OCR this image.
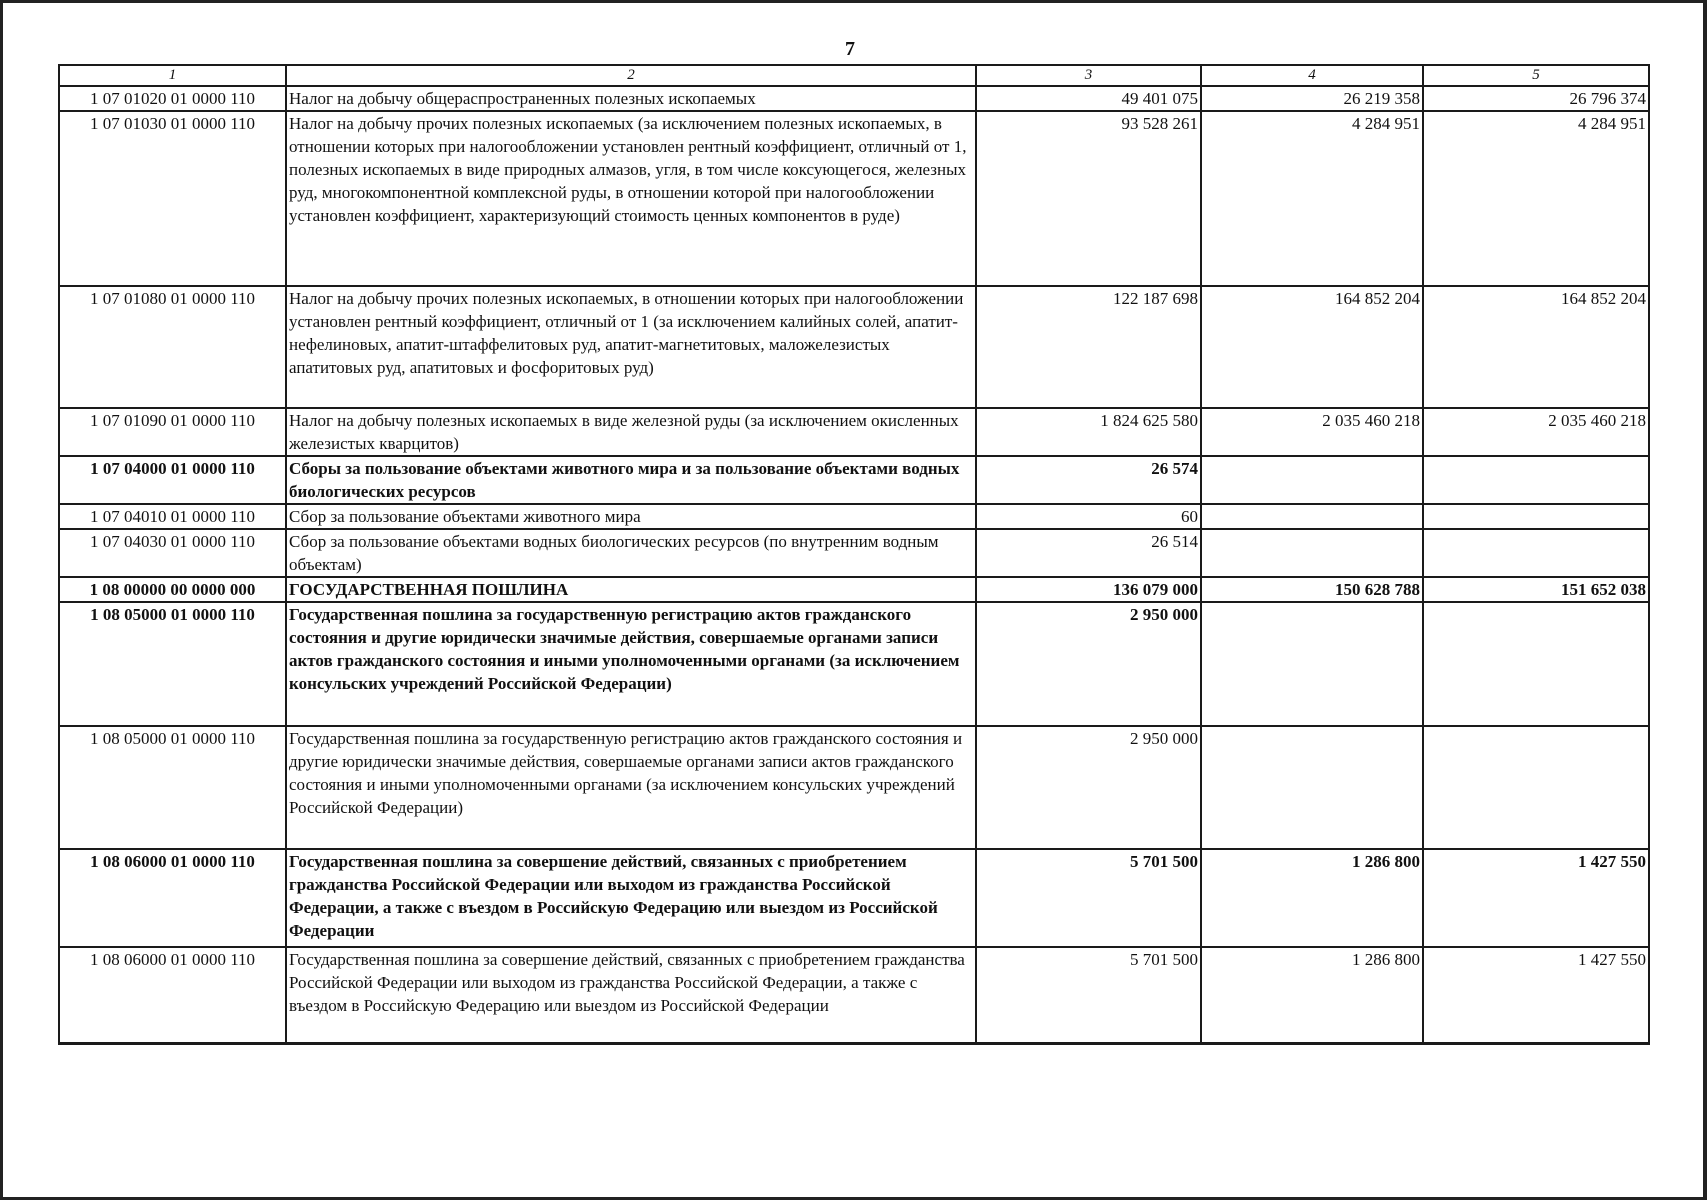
7
1	2	3	4	5
1 07 01020 01 0000 110	Налог на добычу общераспространенных полезных ископаемых	49 401 075	26 219 358	26 796 374
1 07 01030 01 0000 110	Налог на добычу прочих полезных ископаемых (за исключением полезных ископаемых, в отношении которых при налогообложении установлен рентный коэффициент, отличный от 1, полезных ископаемых в виде природных алмазов, угля, в том числе коксующегося, железных руд, многокомпонентной комплексной руды, в отношении которой при налогообложении установлен коэффициент, характеризующий стоимость ценных компонентов в руде)	93 528 261	4 284 951	4 284 951
1 07 01080 01 0000 110	Налог на добычу прочих полезных ископаемых, в отношении которых при налогообложении установлен рентный коэффициент, отличный от 1 (за исключением калийных солей, апатит-нефелиновых, апатит-штаффелитовых руд, апатит-магнетитовых, маложелезистых апатитовых руд, апатитовых и фосфоритовых руд)	122 187 698	164 852 204	164 852 204
1 07 01090 01 0000 110	Налог на добычу полезных ископаемых в виде железной руды (за исключением окисленных железистых кварцитов)	1 824 625 580	2 035 460 218	2 035 460 218
1 07 04000 01 0000 110	Сборы за пользование объектами животного мира и за пользование объектами водных биологических ресурсов	26 574		
1 07 04010 01 0000 110	Сбор за пользование объектами животного мира	60		
1 07 04030 01 0000 110	Сбор за пользование объектами водных биологических ресурсов (по внутренним водным объектам)	26 514		
1 08 00000 00 0000 000	ГОСУДАРСТВЕННАЯ ПОШЛИНА	136 079 000	150 628 788	151 652 038
1 08 05000 01 0000 110	Государственная пошлина за государственную регистрацию актов гражданского состояния и другие юридически значимые действия, совершаемые органами записи актов гражданского состояния и иными уполномоченными органами (за исключением консульских учреждений Российской Федерации)	2 950 000		
1 08 05000 01 0000 110	Государственная пошлина за государственную регистрацию актов гражданского состояния и другие юридически значимые действия, совершаемые органами записи актов гражданского состояния и иными уполномоченными органами (за исключением консульских учреждений Российской Федерации)	2 950 000		
1 08 06000 01 0000 110	Государственная пошлина за совершение действий, связанных с приобретением гражданства Российской Федерации или выходом из гражданства Российской Федерации, а также с въездом в Российскую Федерацию или выездом из Российской Федерации	5 701 500	1 286 800	1 427 550
1 08 06000 01 0000 110	Государственная пошлина за совершение действий, связанных с приобретением гражданства Российской Федерации или выходом из гражданства Российской Федерации, а также с въездом в Российскую Федерацию или выездом из Российской Федерации	5 701 500	1 286 800	1 427 550
